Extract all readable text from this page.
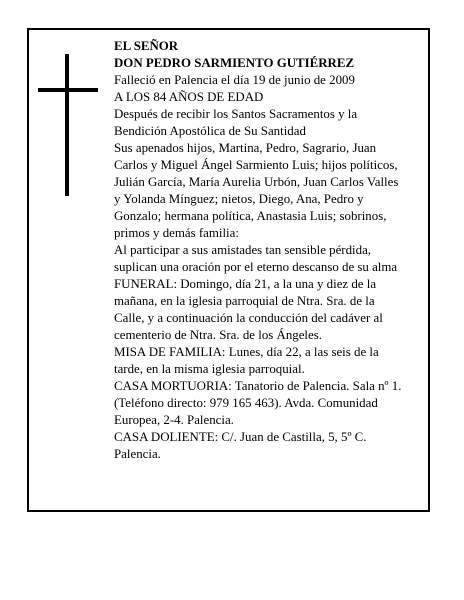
EL SEÑOR

DON PEDRO SARMIENTO GUTIÉRREZ

Falleció en Palencia el día 19 de junio de 2009

A LOS 84 AÑOS DE EDAD

Después de recibir los Santos Sacramentos y la Bendición Apostólica de Su Santidad

Sus apenados hijos, Martina, Pedro, Sagrario, Juan Carlos y Miguel Ángel Sarmiento Luis; hijos políticos, Julián García, María Aurelia Urbón, Juan Carlos Valles y Yolanda Mínguez; nietos, Diego, Ana, Pedro y Gonzalo; hermana política, Anastasia Luis; sobrinos, primos y demás familia:

Al participar a sus amistades tan sensible pérdida, suplican una oración por el eterno descanso de su alma

FUNERAL: Domingo, día 21, a la una y diez de la mañana, en la iglesia parroquial de Ntra. Sra. de la Calle, y a continuación la conducción del cadáver al cementerio de Ntra. Sra. de los Ángeles.

MISA DE FAMILIA: Lunes, día 22, a las seis de la tarde, en la misma iglesia parroquial.

CASA MORTUORIA: Tanatorio de Palencia. Sala nº 1. (Teléfono directo: 979 165 463). Avda. Comunidad Europea, 2-4. Palencia.

CASA DOLIENTE: C/. Juan de Castilla, 5, 5º C. Palencia.
